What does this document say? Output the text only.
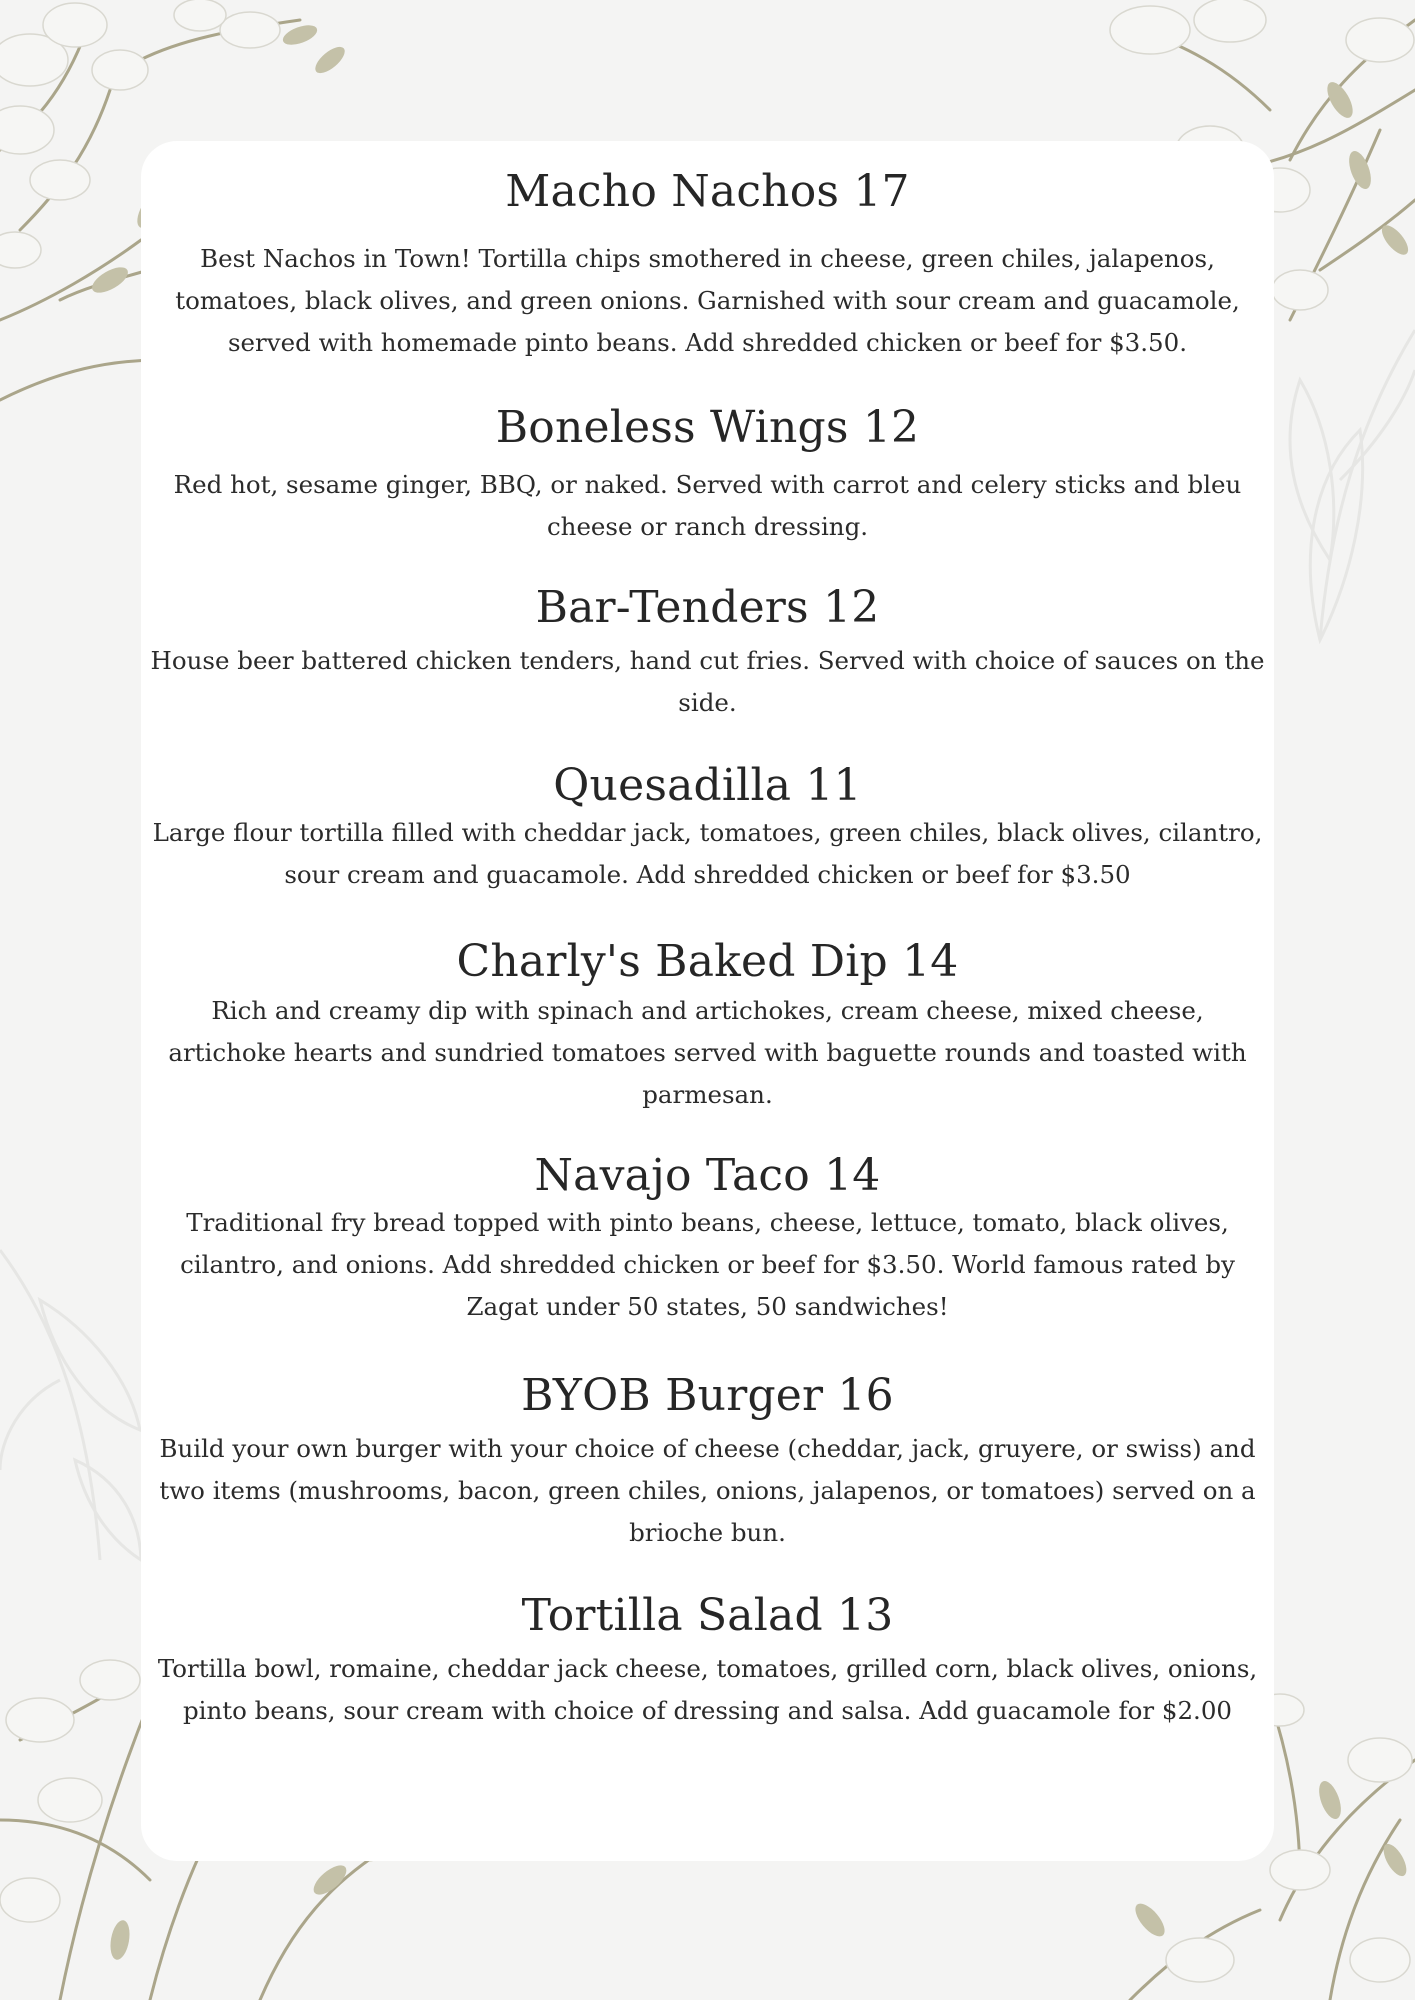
Macho Nachos 17

Best Nachos in Town! Tortilla chips smothered in cheese, green chiles, jalapenos, tomatoes, black olives, and green onions. Garnished with sour cream and guacamole, served with homemade pinto beans. Add shredded chicken or beef for $3.50.

Boneless Wings 12

Red hot, sesame ginger, BBQ, or naked. Served with carrot and celery sticks and bleu cheese or ranch dressing.

Bar-Tenders 12

House beer battered chicken tenders, hand cut fries. Served with choice of sauces on the side.

Quesadilla 11

Large flour tortilla filled with cheddar jack, tomatoes, green chiles, black olives, cilantro, sour cream and guacamole. Add shredded chicken or beef for $3.50

Charly's Baked Dip 14

Rich and creamy dip with spinach and artichokes, cream cheese, mixed cheese, artichoke hearts and sundried tomatoes served with baguette rounds and toasted with parmesan.

Navajo Taco 14

Traditional fry bread topped with pinto beans, cheese, lettuce, tomato, black olives, cilantro, and onions. Add shredded chicken or beef for $3.50. World famous rated by Zagat under 50 states, 50 sandwiches!

BYOB Burger 16

Build your own burger with your choice of cheese (cheddar, jack, gruyere, or swiss) and two items (mushrooms, bacon, green chiles, onions, jalapenos, or tomatoes) served on a brioche bun.

Tortilla Salad 13

Tortilla bowl, romaine, cheddar jack cheese, tomatoes, grilled corn, black olives, onions, pinto beans, sour cream with choice of dressing and salsa. Add guacamole for $2.00
